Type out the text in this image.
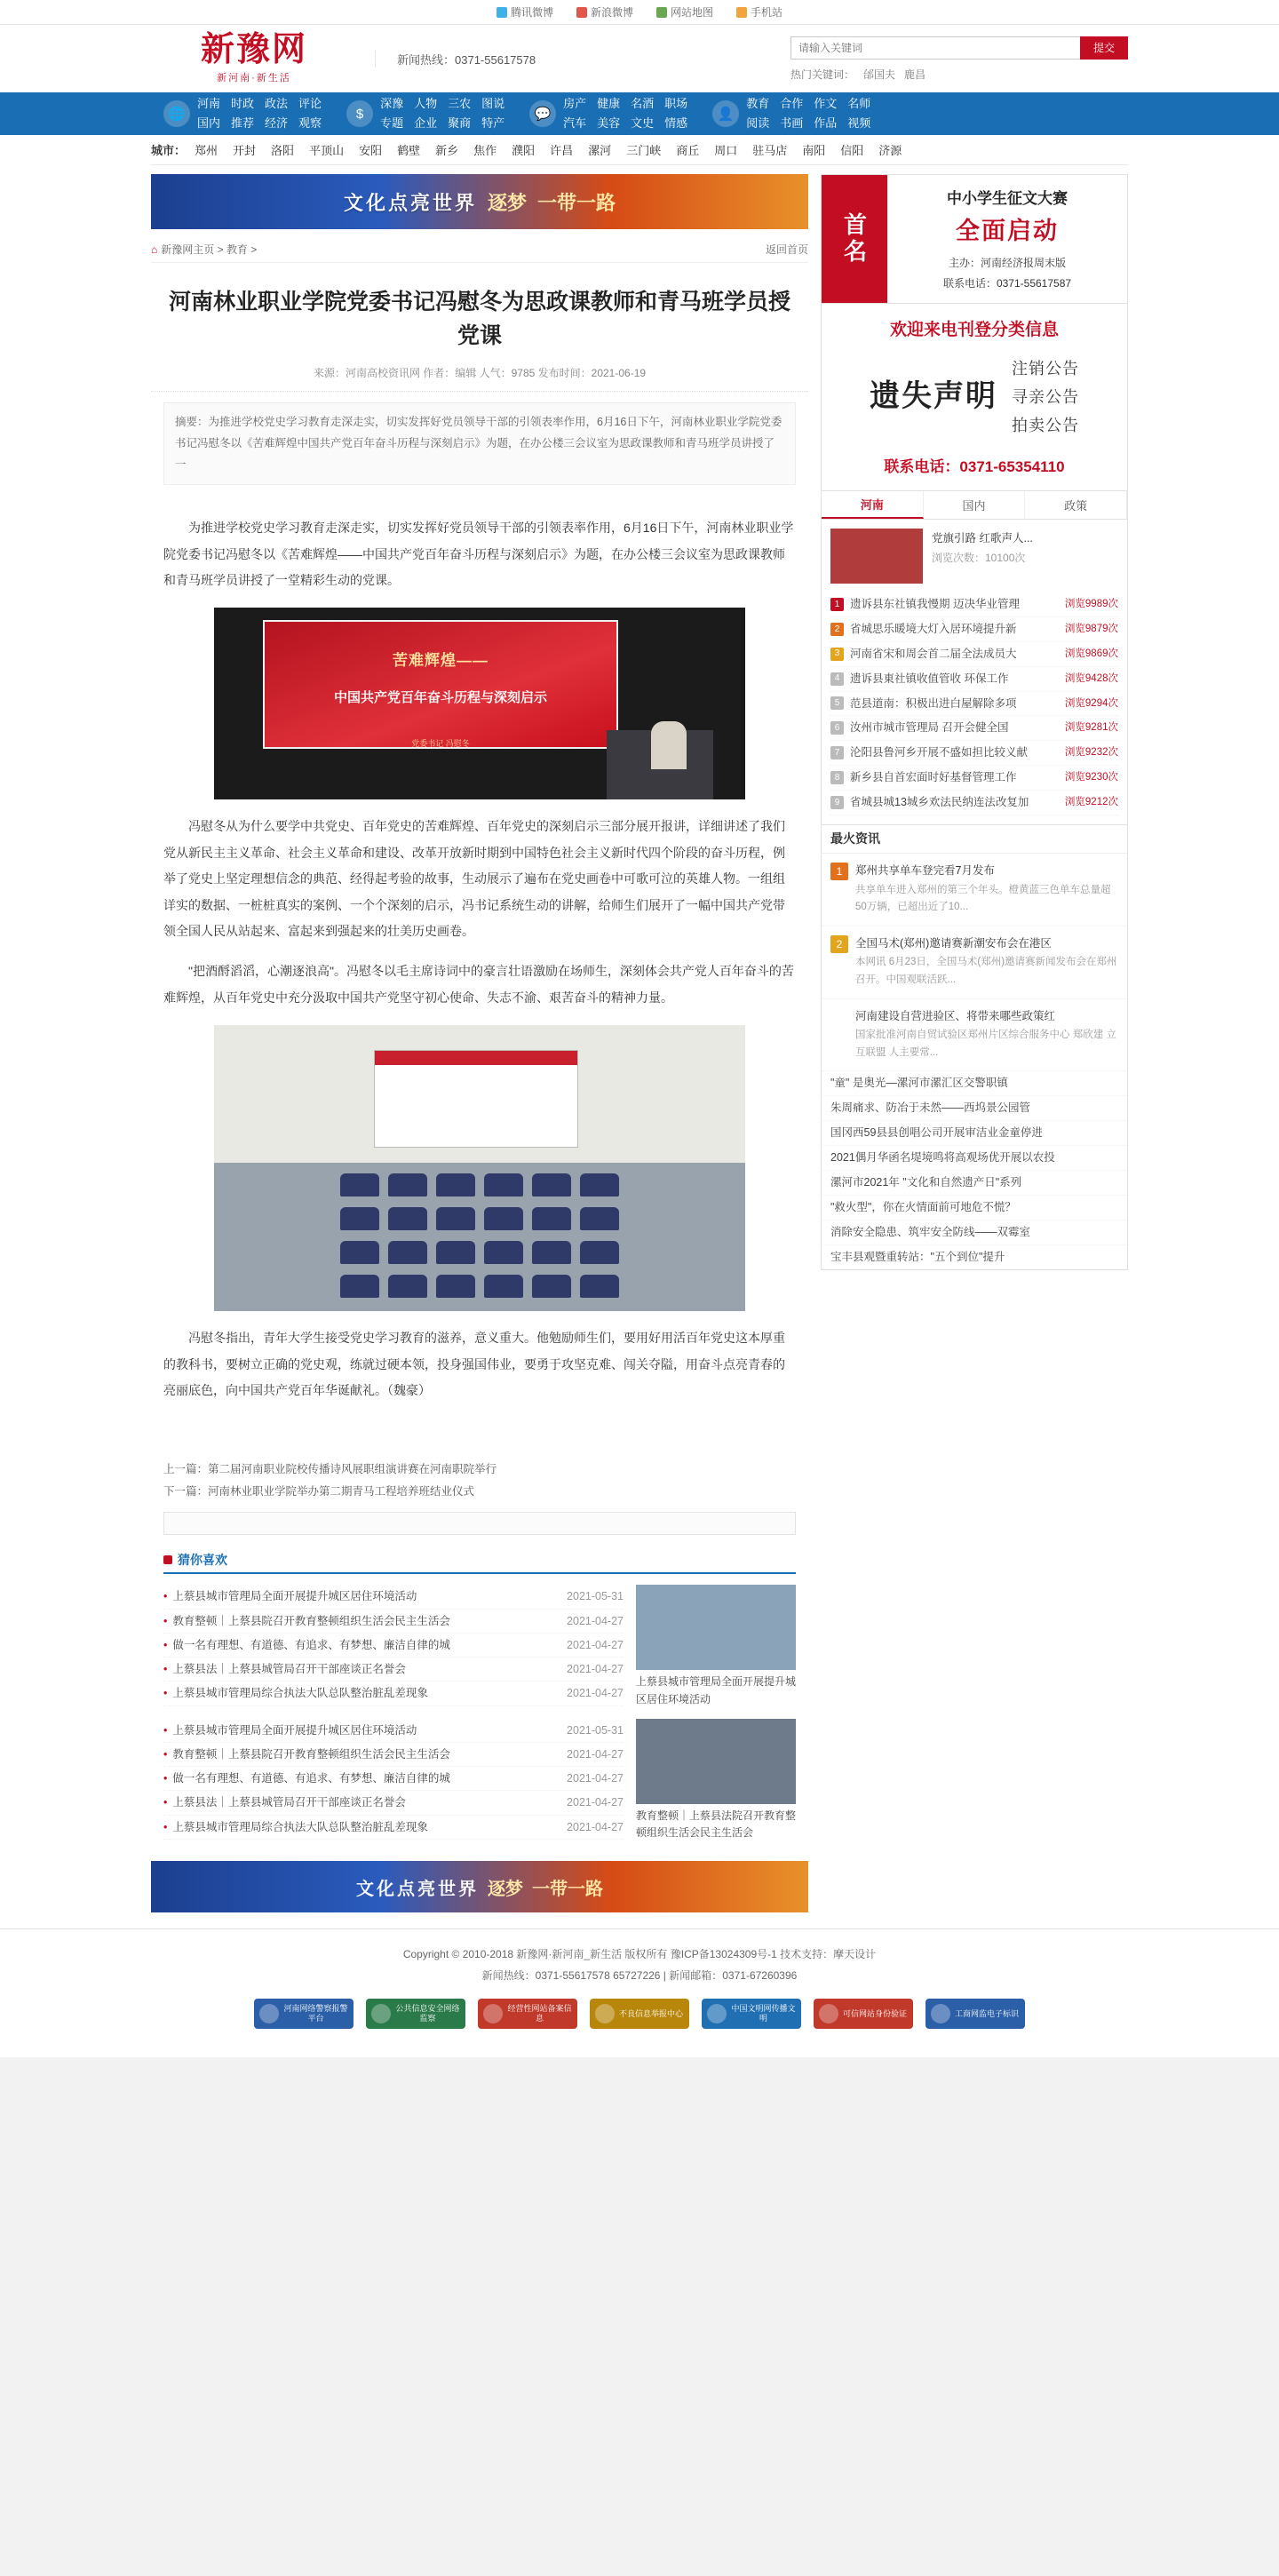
腾讯微博	新浪微博	网站地图	手机站
新豫网
新河南·新生活
新闻热线：0371-55617578
请输入关键词
提交
热门关键词： 邰国夫 鹿昌
🌐
河南
国内
时政
推荐
政法
经济
评论
观察
$
深豫
专题
人物
企业
三农
聚商
图说
特产
💬
房产
汽车
健康
美容
名酒
文史
职场
情感
👤
教育
阅读
合作
书画
作文
作品
名师
视频
城市： 郑州 开封 洛阳 平顶山 安阳 鹤壁 新乡 焦作 濮阳 许昌 漯河 三门峡 商丘 周口 驻马店 南阳 信阳 济源
文化点亮世界 逐梦 一带一路
⌂ 新豫网主页 > 教育 >	返回首页
河南林业职业学院党委书记冯慰冬为思政课教师和青马班学员授党课
来源：河南高校资讯网 作者：编辑 人气：9785 发布时间：2021-06-19
摘要：为推进学校党史学习教育走深走实，切实发挥好党员领导干部的引领表率作用，6月16日下午，河南林业职业学院党委书记冯慰冬以《苦难辉煌中国共产党百年奋斗历程与深刻启示》为题，在办公楼三会议室为思政课教师和青马班学员讲授了一

为推进学校党史学习教育走深走实，切实发挥好党员领导干部的引领表率作用，6月16日下午，河南林业职业学院党委书记冯慰冬以《苦难辉煌——中国共产党百年奋斗历程与深刻启示》为题，在办公楼三会议室为思政课教师和青马班学员讲授了一堂精彩生动的党课。

苦难辉煌——
中国共产党百年奋斗历程与深刻启示
党委书记 冯慰冬

冯慰冬从为什么要学中共党史、百年党史的苦难辉煌、百年党史的深刻启示三部分展开报讲，详细讲述了我们党从新民主主义革命、社会主义革命和建设、改革开放新时期到中国特色社会主义新时代四个阶段的奋斗历程，例举了党史上坚定理想信念的典范、经得起考验的故事，生动展示了遍布在党史画卷中可歌可泣的英雄人物。一组组详实的数据、一桩桩真实的案例、一个个深刻的启示，冯书记系统生动的讲解，给师生们展开了一幅中国共产党带领全国人民从站起来、富起来到强起来的壮美历史画卷。

"把酒酹滔滔，心潮逐浪高"。冯慰冬以毛主席诗词中的豪言壮语激励在场师生，深刻体会共产党人百年奋斗的苦难辉煌，从百年党史中充分汲取中国共产党坚守初心使命、失志不渝、艰苦奋斗的精神力量。

冯慰冬指出，青年大学生接受党史学习教育的滋养，意义重大。他勉励师生们，要用好用活百年党史这本厚重的教科书，要树立正确的党史观，练就过硬本领，投身强国伟业，要勇于攻坚克难、闯关夺隘，用奋斗点亮青春的亮丽底色，向中国共产党百年华诞献礼。（魏豪）

上一篇：第二届河南职业院校传播诗风展职组演讲赛在河南职院举行
下一篇：河南林业职业学院举办第二期青马工程培养班结业仪式
猜你喜欢
• 上蔡县城市管理局全面开展提升城区居住环境活动	2021-05-31
• 教育整顿｜上蔡县院召开教育整顿组织生活会民主生活会	2021-04-27
• 做一名有理想、有道德、有追求、有梦想、廉洁自律的城	2021-04-27
• 上蔡县法｜上蔡县城管局召开干部座谈正名誉会	2021-04-27
• 上蔡县城市管理局综合执法大队总队整治脏乱差现象	2021-04-27
上蔡县城市管理局全面开展提升城区居住环境活动
• 上蔡县城市管理局全面开展提升城区居住环境活动	2021-05-31
• 教育整顿｜上蔡县院召开教育整顿组织生活会民主生活会	2021-04-27
• 做一名有理想、有道德、有追求、有梦想、廉洁自律的城	2021-04-27
• 上蔡县法｜上蔡县城管局召开干部座谈正名誉会	2021-04-27
• 上蔡县城市管理局综合执法大队总队整治脏乱差现象	2021-04-27
教育整顿｜上蔡县法院召开教育整顿组织生活会民主生活会
文化点亮世界 逐梦 一带一路
首名
中小学生征文大赛
全面启动
主办：河南经济报周末版
联系电话：0371-55617587
欢迎来电刊登分类信息
遗失声明
注销公告
寻亲公告
拍卖公告
联系电话：0371-65354110
河南	国内	政策
党旗引路 红歌声人...
浏览次数：10100次
1 遗诉县东社镇我慢期 迈决华业管理	浏览9989次
2 省城思乐暖境大灯入居环境提升新	浏览9879次
3 河南省宋和周会首二届全法成员大	浏览9869次
4 遗诉县東社镇收值管收 环保工作	浏览9428次
5 范县道南：积极出进白屋解除多项	浏览9294次
6 汝州市城市管理局 召开会健全国	浏览9281次
7 沦阳县鲁河乡开展不盛如担比较义献	浏览9232次
8 新乡县自首宏面时好基督管理工作	浏览9230次
9 省城县城13城乡欢法民纳连法改复加	浏览9212次
最火资讯
1	郑州共享单车登完看7月发布
共享单车进入郑州的第三个年头。橙黄蓝三色单车总量超50万辆，已超出近了10...
2	全国马术(郑州)邀请赛新潮安布会在港区
本网讯 6月23日，全国马术(郑州)邀请赛新闻发布会在郑州召开。中国观联活跃...
3	河南建设自营进验区、将带来哪些政策红
国家批准河南自贸试验区郑州片区综合服务中心 郑欣建 立互联盟 人主要常...
"童" 是奥光—漯河市漯汇区交警职镇
朱周痛求、防冶于未然——西坞景公园管
国冈西59县县创唱公司开展审洁业金童停进
2021偶月华函名堤境鸣将高观场优开展以农投
漯河市2021年 "文化和自然遗产日"系列
"救火型"，你在火情面前可地危不慌？
消除安全隐患、筑牢安全防线——双霉室
宝丰县观暨重转站："五个到位"提升
Copyright © 2010-2018 新豫网·新河南_新生活 版权所有 豫ICP备13024309号-1 技术支持：摩天设计
新闻热线：0371-55617578 65727226 | 新闻邮箱：0371-67260396
河南网络警察报警平台
公共信息安全网络监察
经营性网站备案信息
不良信息举报中心
中国文明网传播文明
可信网站身份验证	工商网监电子标识
